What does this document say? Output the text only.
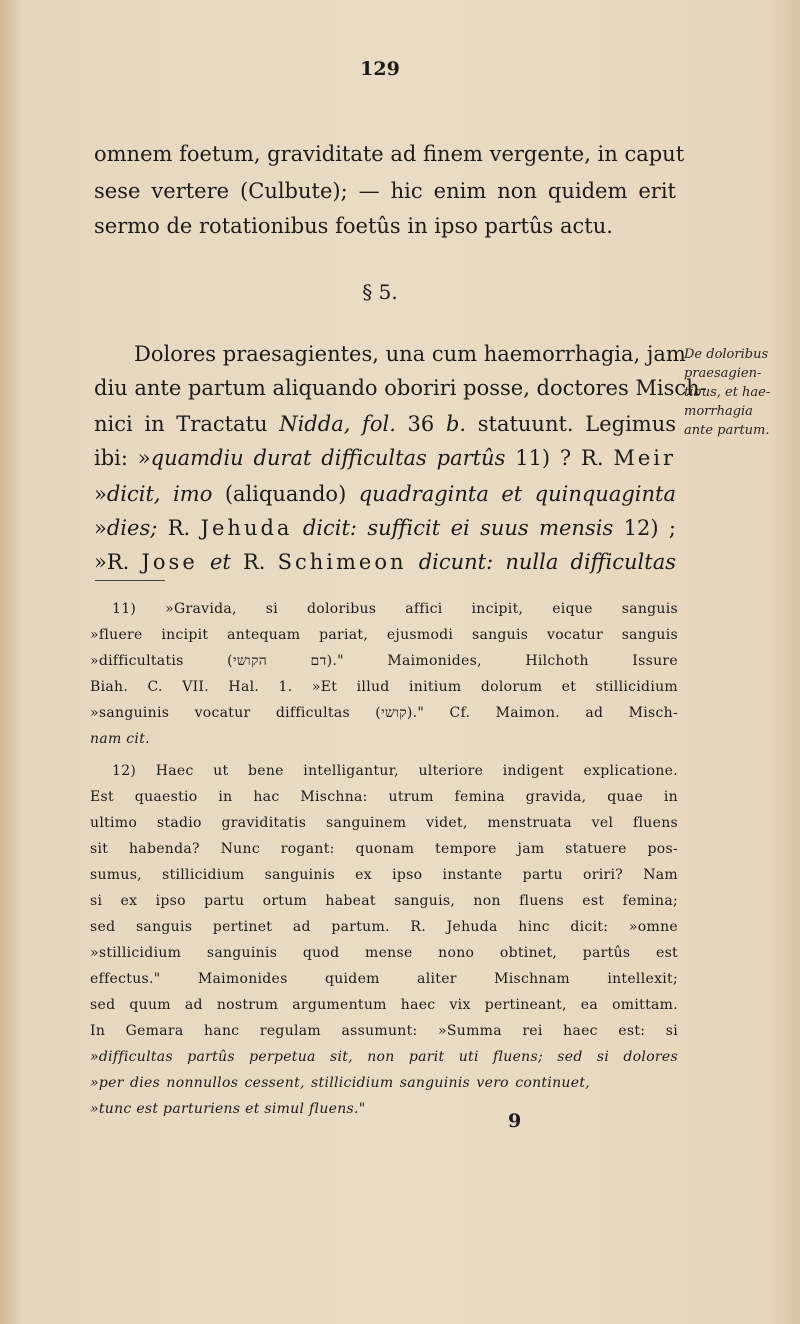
129
omnem foetum, graviditate ad finem vergente, in caput
sese vertere (Culbute); — hic enim non quidem erit
sermo de rotationibus foetûs in ipso partûs actu.
§ 5.
Dolores praesagientes, una cum haemorrhagia, jam
diu ante partum aliquando oboriri posse, doctores Misch-
nici in Tractatu Nidda, fol. 36 b. statuunt. Legimus
ibi: »quamdiu durat difficultas partûs 11) ? R. Meir
»dicit, imo (aliquando) quadraginta et quinquaginta
»dies; R. Jehuda dicit: sufficit ei suus mensis 12) ;
»R. Jose et R. Schimeon dicunt: nulla difficultas
De doloribus
praesagien-
tibus, et hae-
morrhagia
ante partum.
11) »Gravida, si doloribus affici incipit, eique sanguis
»fluere incipit antequam pariat, ejusmodi sanguis vocatur sanguis
»difficultatis (דם הקושי)." Maimonides, Hilchoth Issure
Biah. C. VII. Hal. 1. »Et illud initium dolorum et stillicidium
»sanguinis vocatur difficultas (קושי)." Cf. Maimon. ad Misch-
nam cit.
12) Haec ut bene intelligantur, ulteriore indigent explicatione.
Est quaestio in hac Mischna: utrum femina gravida, quae in
ultimo stadio graviditatis sanguinem videt, menstruata vel fluens
sit habenda? Nunc rogant: quonam tempore jam statuere pos-
sumus, stillicidium sanguinis ex ipso instante partu oriri? Nam
si ex ipso partu ortum habeat sanguis, non fluens est femina;
sed sanguis pertinet ad partum. R. Jehuda hinc dicit: »omne
»stillicidium sanguinis quod mense nono obtinet, partûs est
effectus." Maimonides quidem aliter Mischnam intellexit;
sed quum ad nostrum argumentum haec vix pertineant, ea omittam.
In Gemara hanc regulam assumunt: »Summa rei haec est: si
»difficultas partûs perpetua sit, non parit uti fluens; sed si dolores
»per dies nonnullos cessent, stillicidium sanguinis vero continuet,
»tunc est parturiens et simul fluens."
9
